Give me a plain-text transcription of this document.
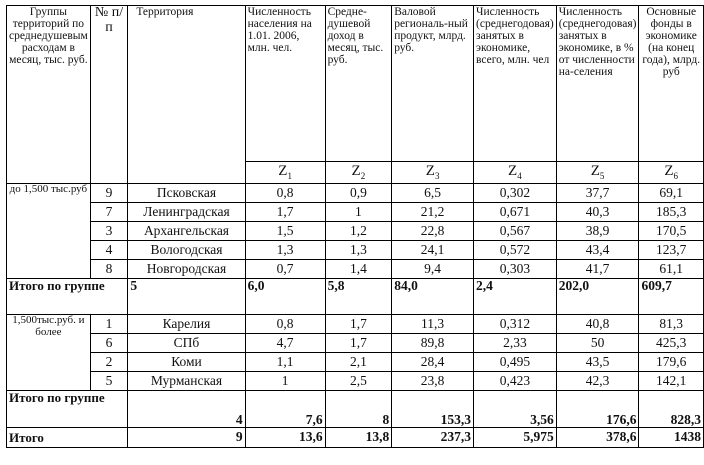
Группы территорий по среднедушевым расходам в месяц, тыс. руб.	№ п/п	Территория	Численность населения на 1.01. 2006, млн. чел.	Средне-душевой доход в месяц, тыс. руб.	Валовой региональ-ный продукт, млрд. руб.	Численность (среднегодовая) занятых в экономике, всего, млн. чел	Численность (среднегодовая) занятых в экономике, в % от численности на-селения	Основные фонды в экономике (на конец года), млрд. руб
			$Z_1$	$Z_2$	$Z_3$	$Z_4$	$Z_5$	$Z_6$
до 1,500 тыс.руб	9	Псковская	0,8	0,9	6,5	0,302	37,7	69,1
	7	Ленинградская	1,7	1	21,2	0,671	40,3	185,3
	3	Архангельская	1,5	1,2	22,8	0,567	38,9	170,5
	4	Вологодская	1,3	1,3	24,1	0,572	43,4	123,7
	8	Новгородская	0,7	1,4	9,4	0,303	41,7	61,1
Итого по группе		5	6,0	5,8	84,0	2,4	202,0	609,7
1,500тыс.руб. и более	1	Карелия	0,8	1,7	11,3	0,312	40,8	81,3
	6	СПб	4,7	1,7	89,8	2,33	50	425,3
	2	Коми	1,1	2,1	28,4	0,495	43,5	179,6
	5	Мурманская	1	2,5	23,8	0,423	42,3	142,1
Итого по группе		4	7,6	8	153,3	3,56	176,6	828,3
Итого		9	13,6	13,8	237,3	5,975	378,6	1438
